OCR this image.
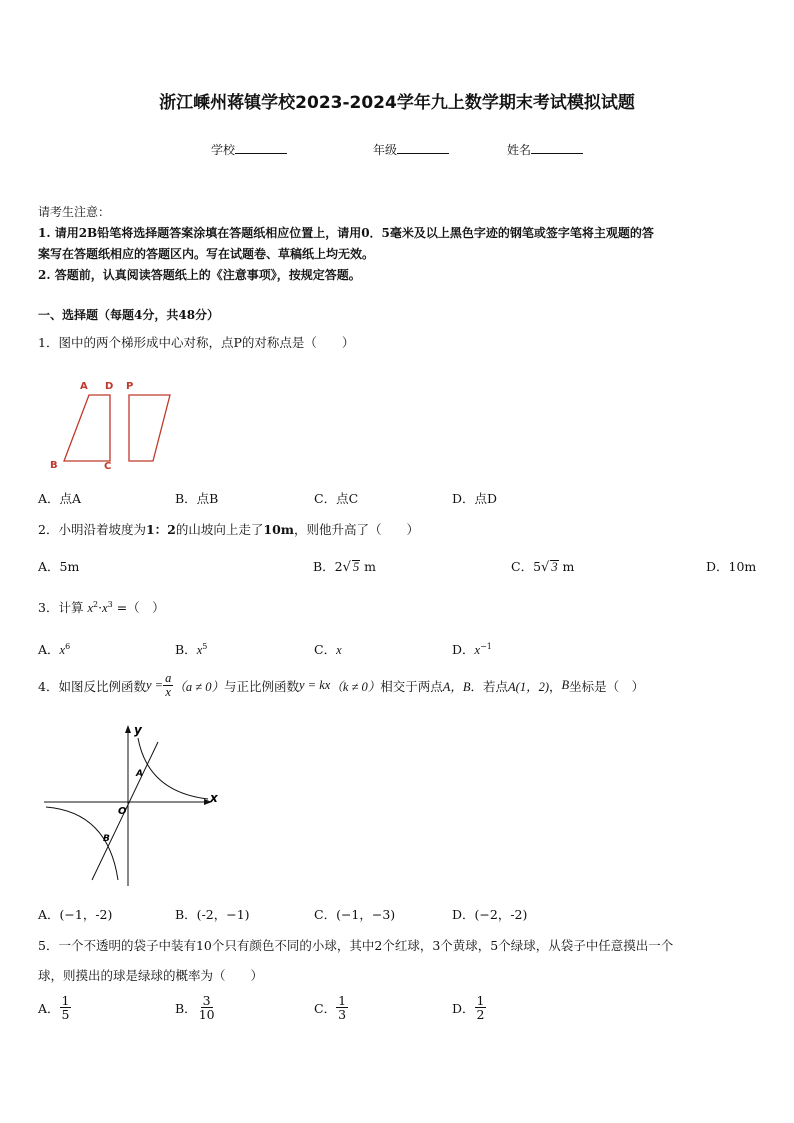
浙江嵊州蒋镇学校2023-2024学年九上数学期末考试模拟试题
学校	年级	姓名
请考生注意：
1. 请用2B铅笔将选择题答案涂填在答题纸相应位置上，请用0．5毫米及以上黑色字迹的钢笔或签字笔将主观题的答
案写在答题纸相应的答题区内。写在试题卷、草稿纸上均无效。
2. 答题前，认真阅读答题纸上的《注意事项》，按规定答题。
一、选择题（每题4分，共48分）
1．图中的两个梯形成中心对称，点P的对称点是（　　）
A D P
B	C
A．点A	B．点B	C．点C	D．点D
2．小明沿着坡度为1：2的山坡向上走了10m，则他升高了（　　）
A．5m	B．2√ 5 m	C．5√ 3 m	D．10m
3．计算 $x^2\cdot x^3$ =（　）
A．$x^6$	B．$x^5$	C．x	D．$x^{-1}$
4．如图反比例函数 $y = \frac{a}{x} (a \ne 0)$ 与正比例函数 y = kx （k ≠ 0） 相交于两点 A，B ．若点 A(1，2) ， B 坐标是（　）
x
y
O
A
B
A．(−1，-2)	B．(-2，−1)	C．(−1，−3)	D．(−2，-2)
5．一个不透明的袋子中装有10个只有颜色不同的小球，其中2个红球，3个黄球，5个绿球，从袋子中任意摸出一个
球，则摸出的球是绿球的概率为（　　）
A． $\frac{1}{5}$	B． $\frac{3}{10}$	C． $\frac{1}{3}$	D． $\frac{1}{2}$
